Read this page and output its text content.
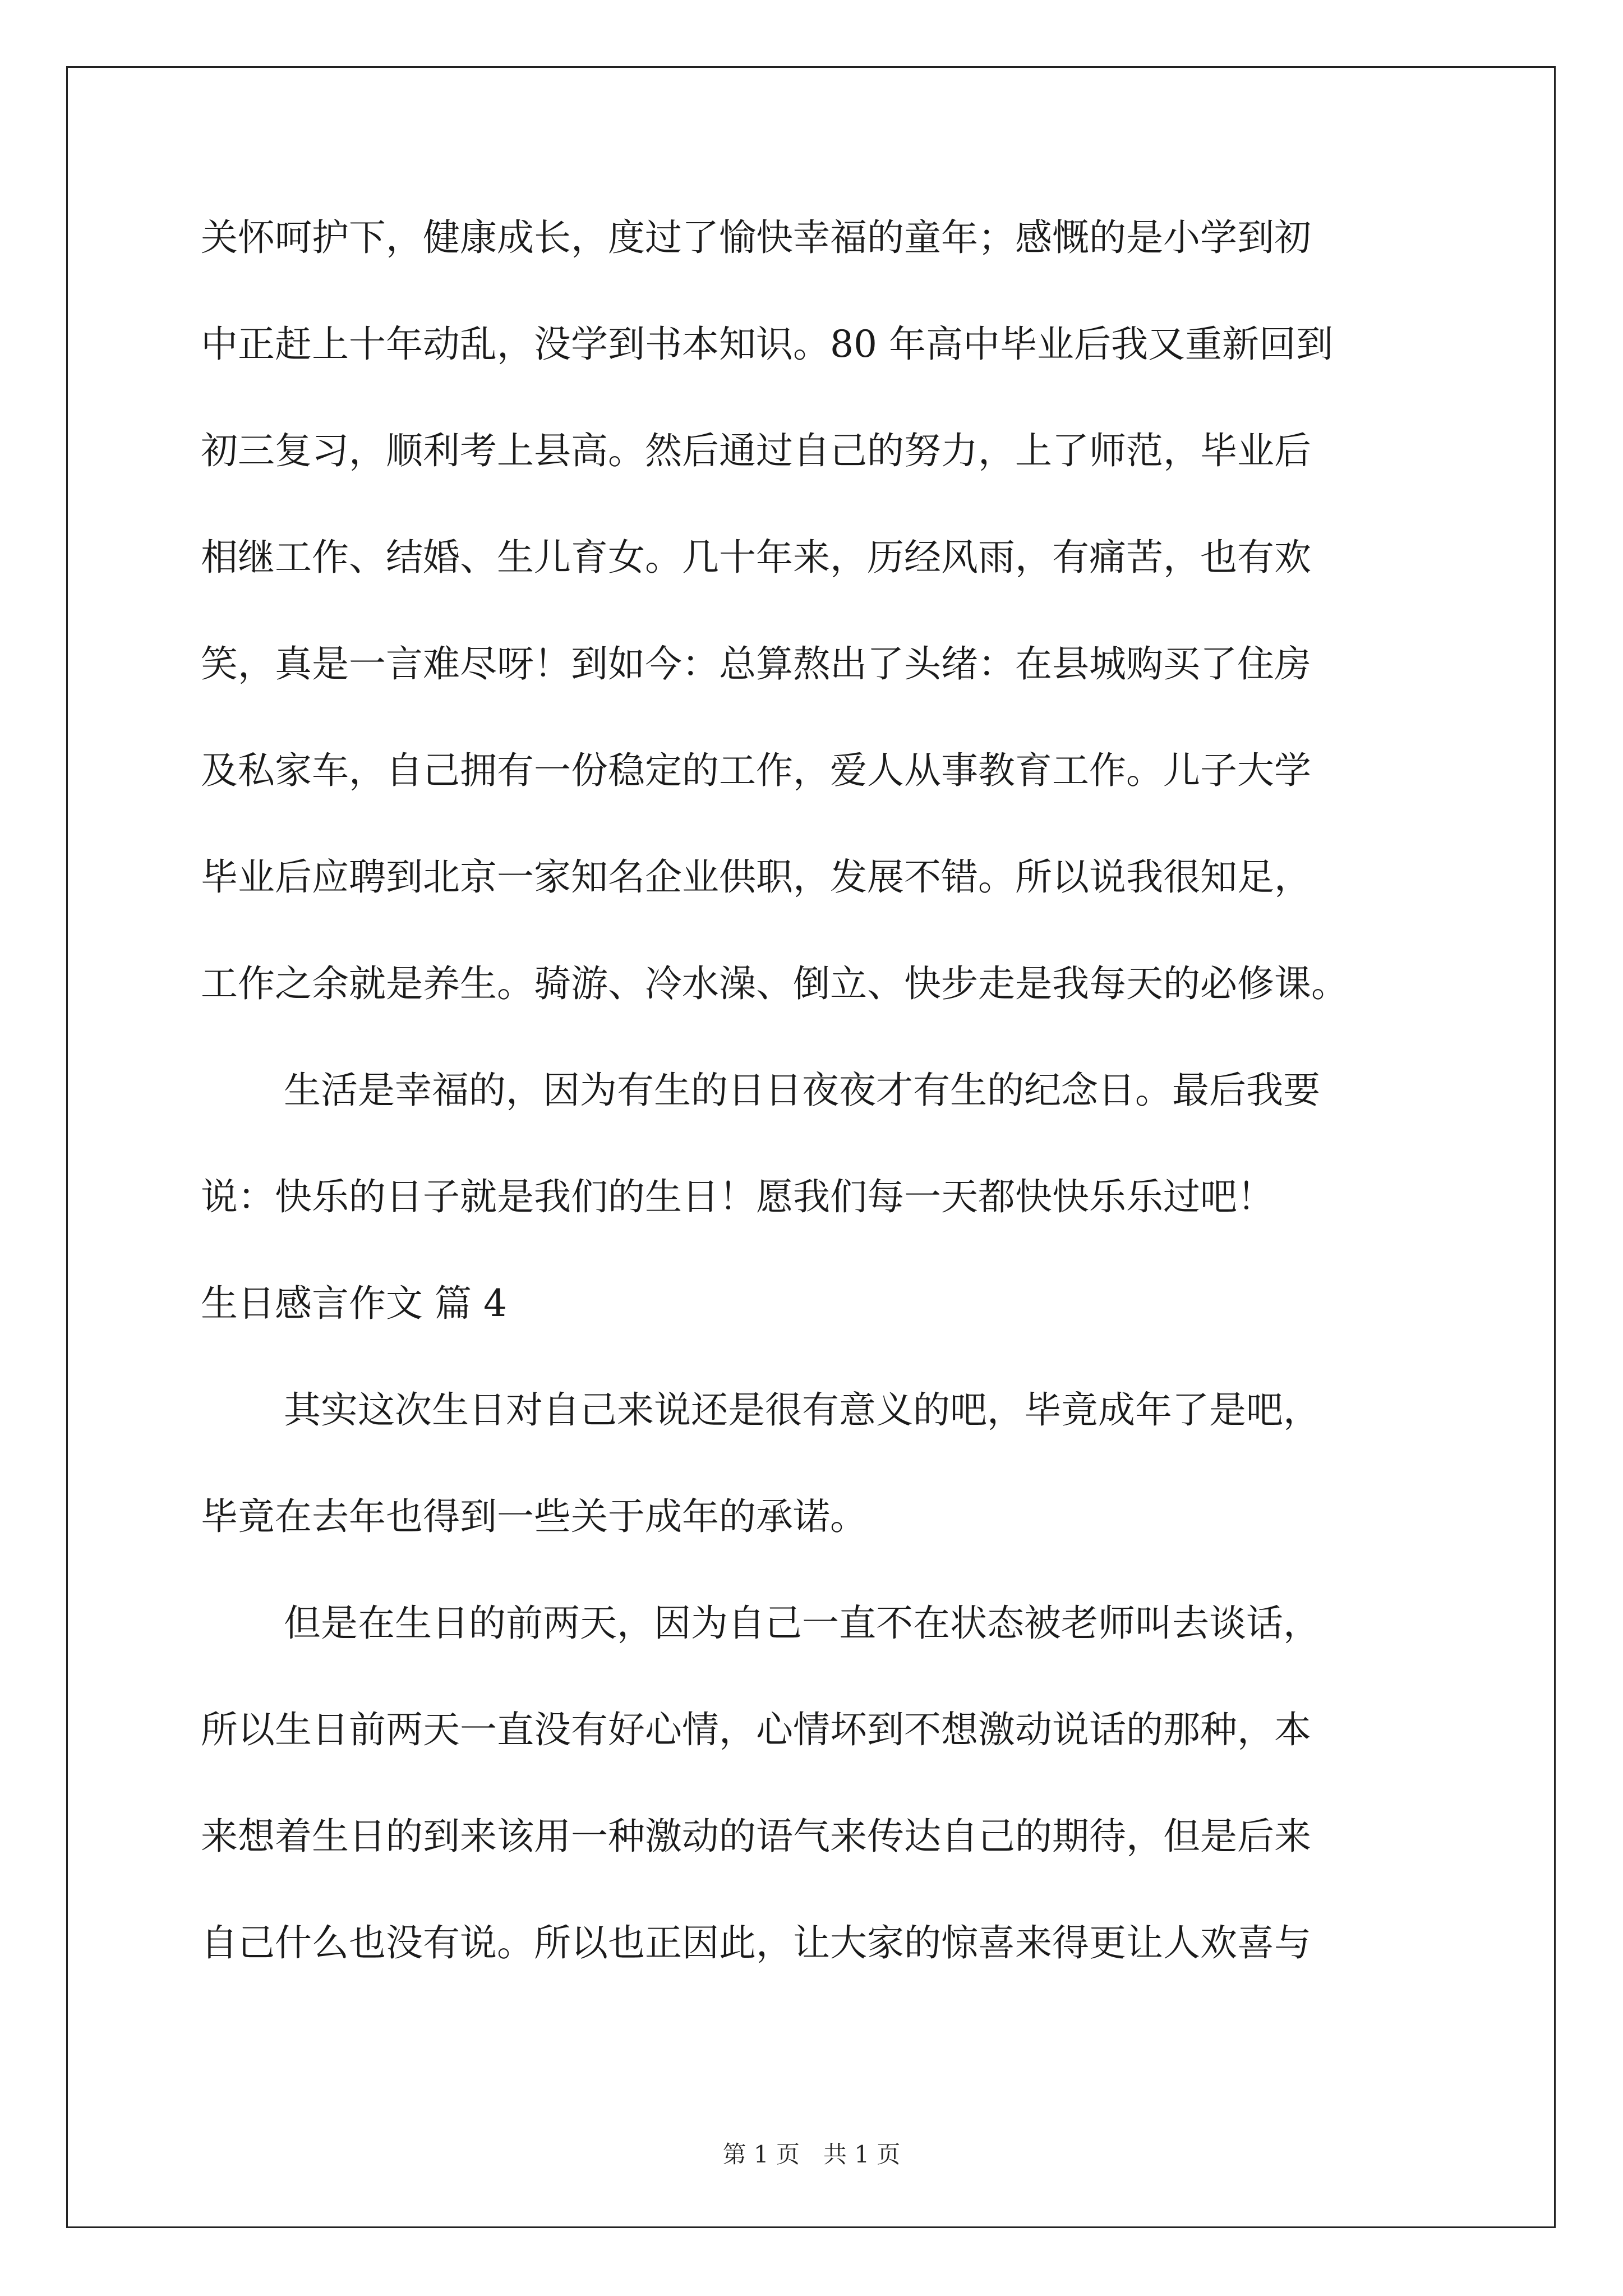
关怀呵护下，健康成长，度过了愉快幸福的童年；感慨的是小学到初
中正赶上十年动乱，没学到书本知识。80 年高中毕业后我又重新回到
初三复习，顺利考上县高。然后通过自己的努力，上了师范，毕业后
相继工作、结婚、生儿育女。几十年来，历经风雨，有痛苦，也有欢
笑，真是一言难尽呀！到如今：总算熬出了头绪：在县城购买了住房
及私家车，自己拥有一份稳定的工作，爱人从事教育工作。儿子大学
毕业后应聘到北京一家知名企业供职，发展不错。所以说我很知足，
工作之余就是养生。骑游、冷水澡、倒立、快步走是我每天的必修课。
生活是幸福的，因为有生的日日夜夜才有生的纪念日。最后我要
说：快乐的日子就是我们的生日！愿我们每一天都快快乐乐过吧！
生日感言作文 篇 4
其实这次生日对自己来说还是很有意义的吧，毕竟成年了是吧，
毕竟在去年也得到一些关于成年的承诺。
但是在生日的前两天，因为自己一直不在状态被老师叫去谈话，
所以生日前两天一直没有好心情，心情坏到不想激动说话的那种，本
来想着生日的到来该用一种激动的语气来传达自己的期待，但是后来
自己什么也没有说。所以也正因此，让大家的惊喜来得更让人欢喜与
第 1 页　共 1 页
